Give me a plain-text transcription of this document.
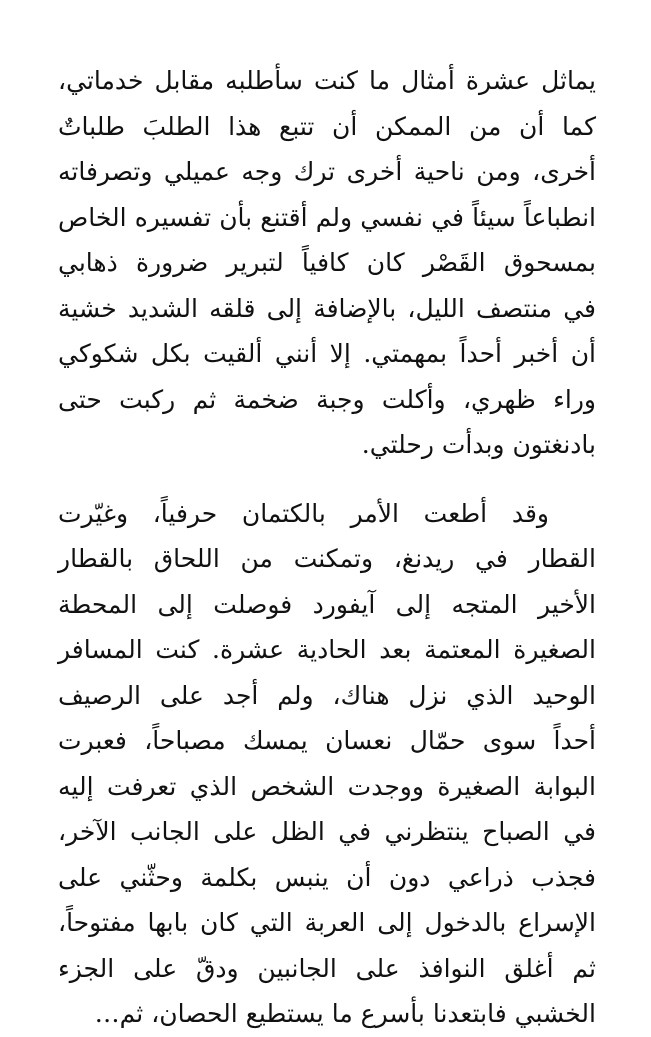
يماثل عشرة أمثال ما كنت سأطلبه مقابل خدماتي،
كما أن من الممكن أن تتبع هذا الطلبَ طلباتٌ
أخرى، ومن ناحية أخرى ترك وجه عميلي وتصرفاته
انطباعاً سيئاً في نفسي ولم أقتنع بأن تفسيره الخاص
بمسحوق القَصْر كان كافياً لتبرير ضرورة ذهابي
في منتصف الليل، بالإضافة إلى قلقه الشديد خشية
أن أخبر أحداً بمهمتي. إلا أنني ألقيت بكل شكوكي
وراء ظهري، وأكلت وجبة ضخمة ثم ركبت حتى
بادنغتون وبدأت رحلتي.

وقد أطعت الأمر بالكتمان حرفياً، وغيّرت
القطار في ريدنغ، وتمكنت من اللحاق بالقطار
الأخير المتجه إلى آيفورد فوصلت إلى المحطة
الصغيرة المعتمة بعد الحادية عشرة. كنت المسافر
الوحيد الذي نزل هناك، ولم أجد على الرصيف
أحداً سوى حمّال نعسان يمسك مصباحاً، فعبرت
البوابة الصغيرة ووجدت الشخص الذي تعرفت إليه
في الصباح ينتظرني في الظل على الجانب الآخر،
فجذب ذراعي دون أن ينبس بكلمة وحثّني على
الإسراع بالدخول إلى العربة التي كان بابها مفتوحاً،
ثم أغلق النوافذ على الجانبين ودقّ على الجزء
الخشبي فابتعدنا بأسرع ما يستطيع الحصان، ثم…
